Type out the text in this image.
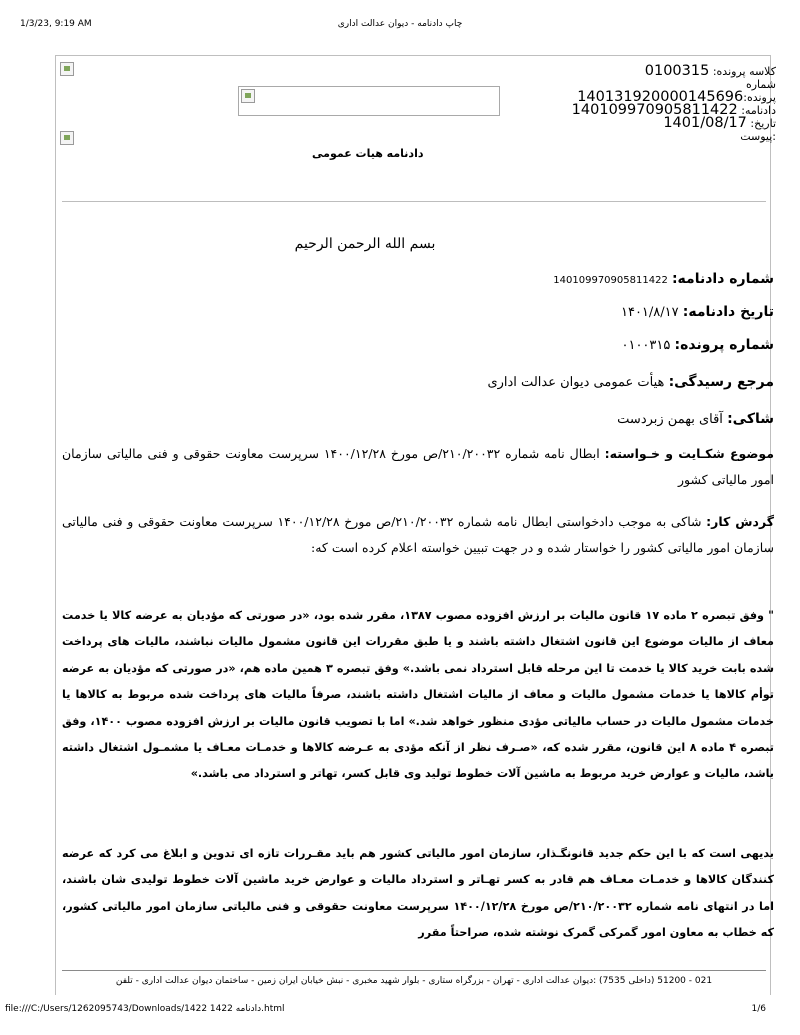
1/3/23, 9:19 AM	چاپ دادنامه - دیوان عدالت اداری
کلاسه پرونده: 0100315
شماره
پرونده:140131920000145696
دادنامه: 140109970905811422
تاریخ: 1401/08/17
:پیوست
دادنامه هیات عمومی
بسم الله الرحمن الرحیم
شماره دادنامه: 140109970905811422
تاریخ دادنامه: ۱۴۰۱/۸/۱۷
شماره پرونده: ۰۱۰۰۳۱۵
مرجع رسیدگی: هیأت عمومی دیوان عدالت اداری
شاکی: آقای بهمن زبردست
موضوع شکـایت و خـواسته: ابطال نامه شماره ۲۱۰/۲۰۰۳۲/ص مورخ ۱۴۰۰/۱۲/۲۸ سرپرست معاونت حقوقی و فنی مالیاتی سازمان امور مالیاتی کشور
گردش کار: شاکی به موجب دادخواستی ابطال نامه شماره ۲۱۰/۲۰۰۳۲/ص مورخ ۱۴۰۰/۱۲/۲۸ سرپرست معاونت حقوقی و فنی مالیاتی سازمان امور مالیاتی کشور را خواستار شده و در جهت تبیین خواسته اعلام کرده است که:
" وفق تبصره ۲ ماده ۱۷ قانون مالیات بر ارزش افزوده مصوب ۱۳۸۷، مقرر شده بود، «در صورتی که مؤدیان به عرضه کالا یا خدمت معاف از مالیات موضوع این قانون اشتغال داشته باشند و یا طبق مقررات این قانون مشمول مالیات نباشند، مالیات های پرداخت شده بابت خرید کالا یا خدمت تا این مرحله قابل استرداد نمی باشد.» وفق تبصره ۳ همین ماده هم، «در صورتی که مؤدیان به عرضه توأم کالاها یا خدمات مشمول مالیات و معاف از مالیات اشتغال داشته باشند، صرفاً مالیات های پرداخت شده مربوط به کالاها یا خدمات مشمول مالیات در حساب مالیاتی مؤدی منظور خواهد شد.» اما با تصویب قانون مالیات بر ارزش افزوده مصوب ۱۴۰۰، وفق تبصره ۴ ماده ۸ این قانون، مقرر شده که، «صـرف نظر از آنکه مؤدی به عـرضه کالاها و خدمـات معـاف یا مشمـول اشتغال داشته باشد، مالیات و عوارض خرید مربوط به ماشین آلات خطوط تولید وی قابل کسر، تهاتر و استرداد می باشد.»
بدیهی است که با این حکم جدید قانونگـذار، سازمان امور مالیاتی کشور هم باید مقـررات تازه ای تدوین و ابلاغ می کرد که عرضه کنندگان کالاها و خدمـات معـاف هم قادر به کسر تهـاتر و استرداد مالیات و عوارض خرید ماشین آلات خطوط تولیدی شان باشند، اما در انتهای نامه شماره ۲۱۰/۲۰۰۳۲/ص مورخ ۱۴۰۰/۱۲/۲۸ سرپرست معاونت حقوقی و فنی مالیاتی سازمان امور مالیاتی کشور، که خطاب به معاون امور گمرکی گمرک نوشته شده، صراحتاً مقرر
021 - 51200 (داخلی 7535) :دیوان عدالت اداری - تهران - بزرگراه ستاری - بلوار شهید مخبری - نبش خیابان ایران زمین - ساختمان دیوان عدالت اداری - تلفن
file:///C:/Users/1262095743/Downloads/1422 1422 دادنامه.html	1/6
